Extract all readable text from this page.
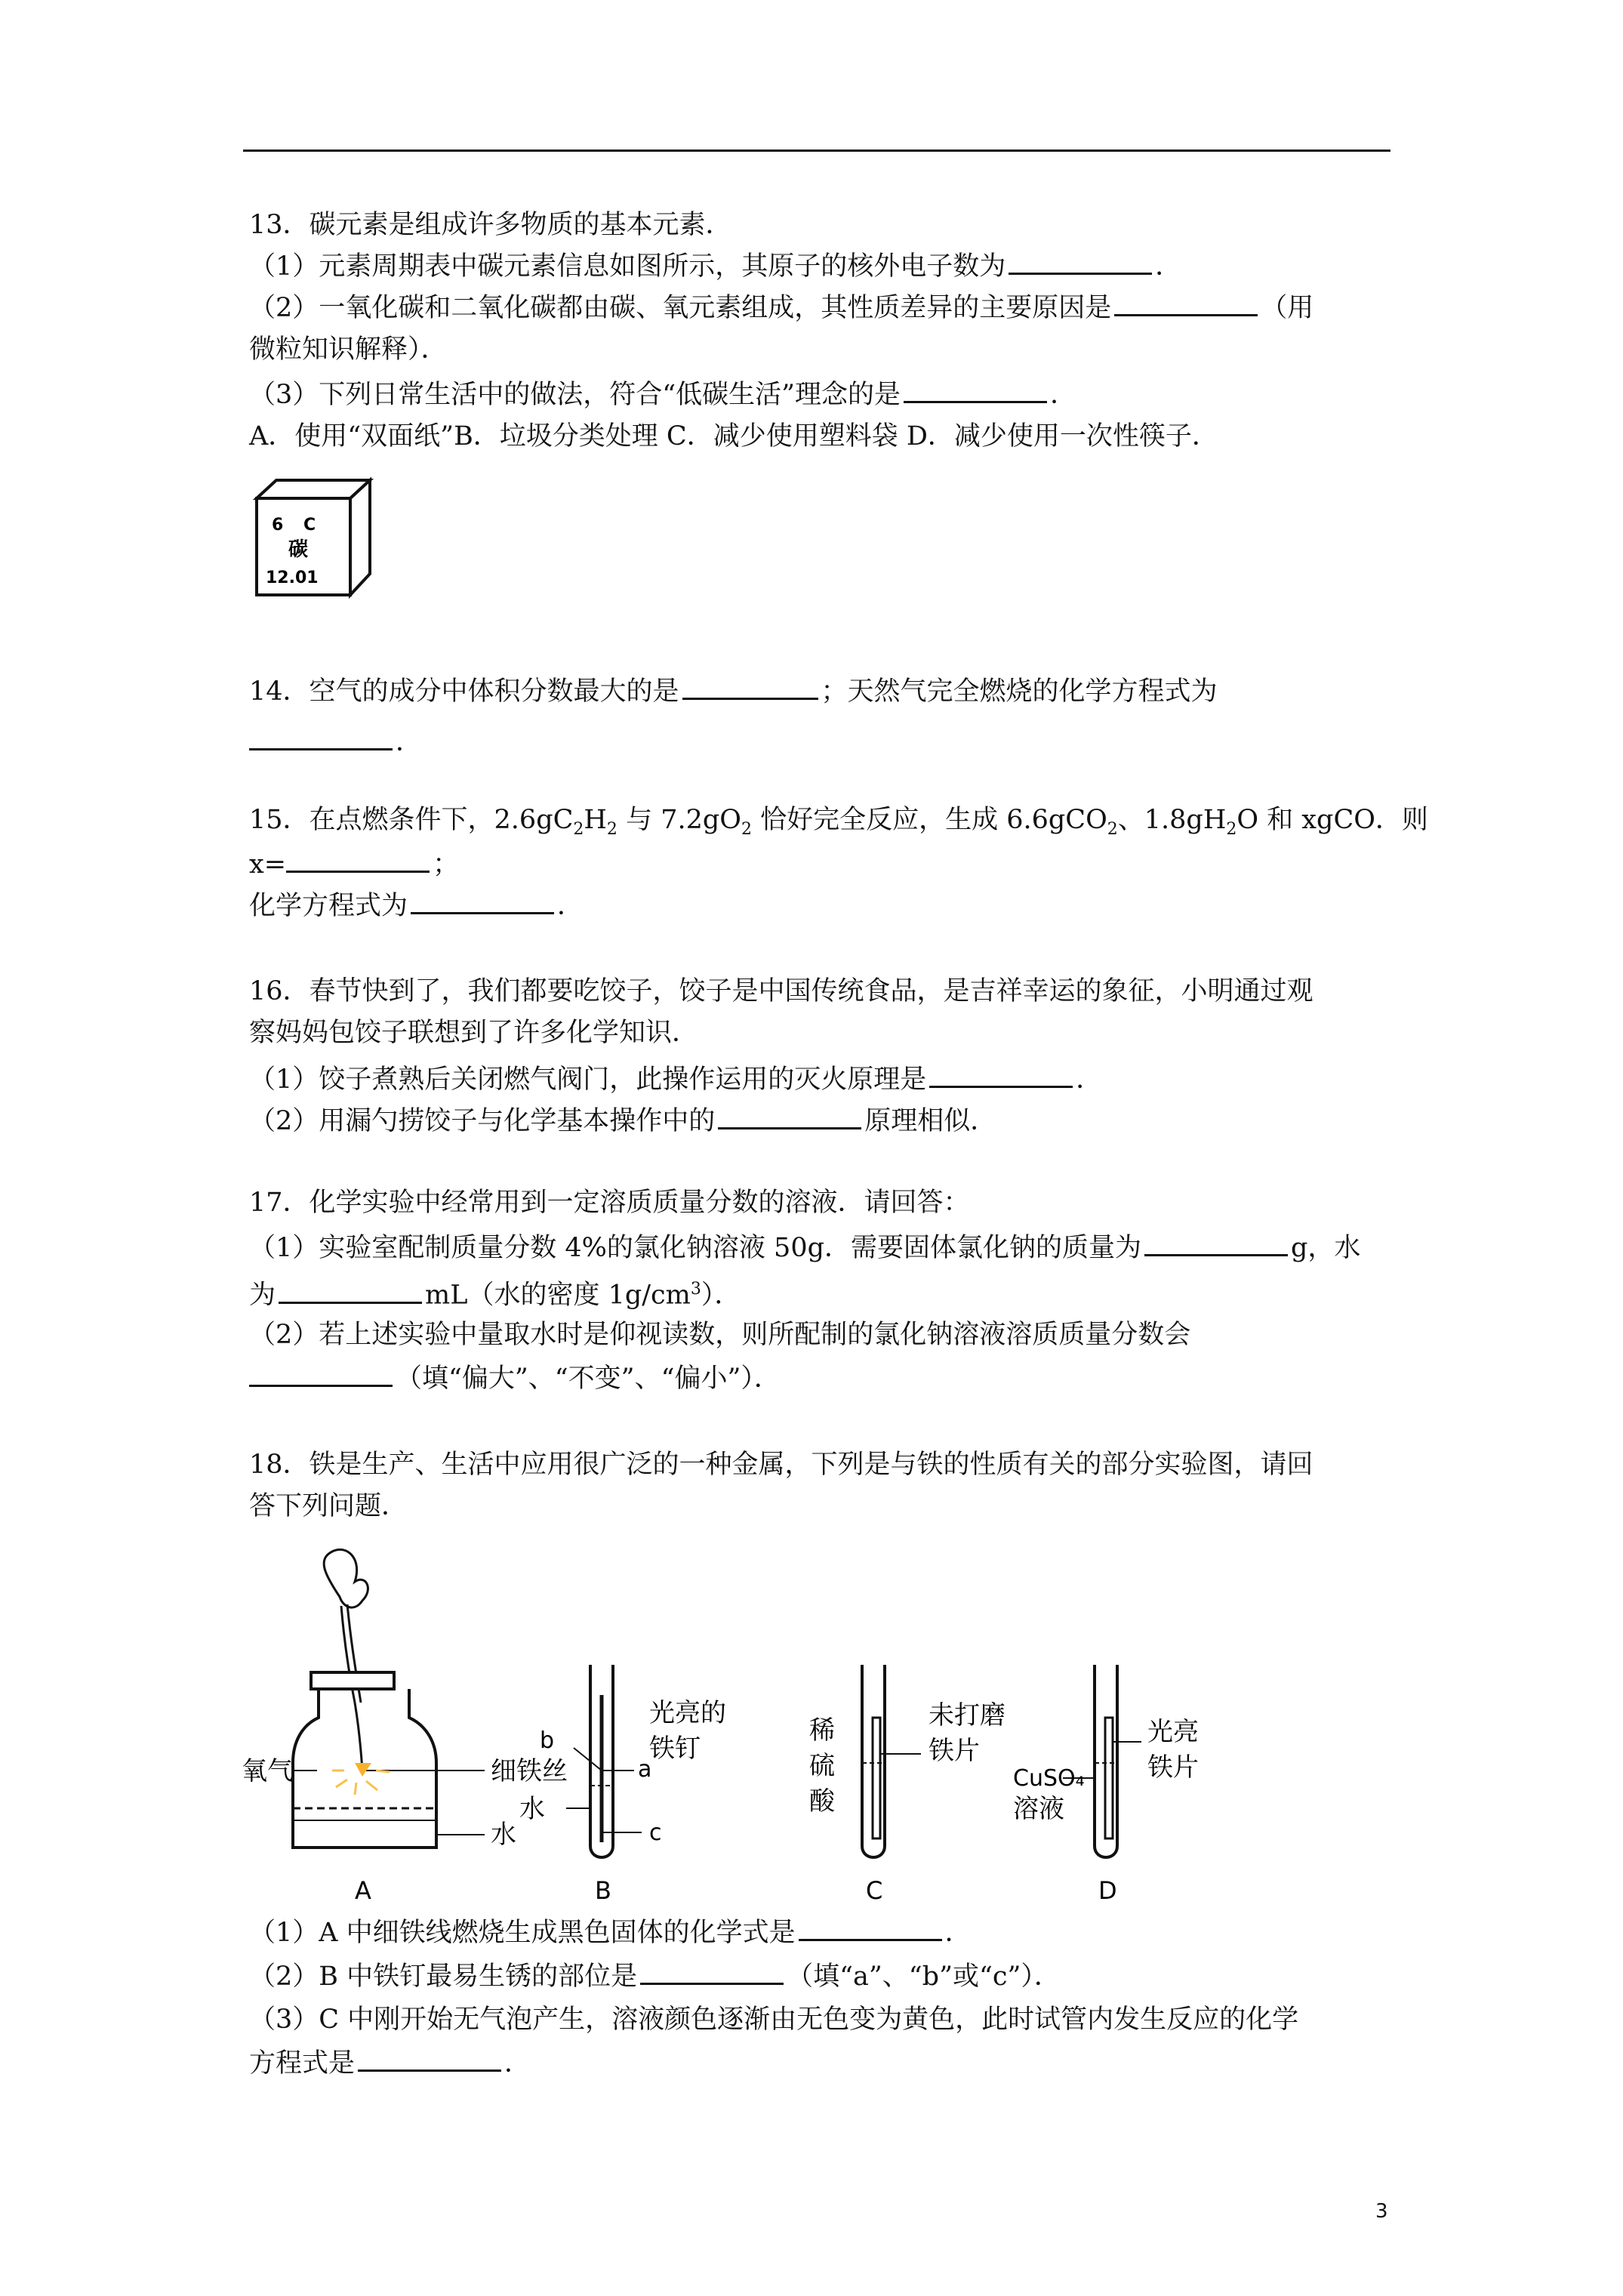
13．碳元素是组成许多物质的基本元素．
（1）元素周期表中碳元素信息如图所示，其原子的核外电子数为	．
（2）一氧化碳和二氧化碳都由碳、氧元素组成，其性质差异的主要原因是	（用
微粒知识解释）．
（3）下列日常生活中的做法，符合“低碳生活”理念的是	．
A．使用“双面纸”B．垃圾分类处理 C．减少使用塑料袋 D．减少使用一次性筷子．
6 C
碳
12.01
14．空气的成分中体积分数最大的是	；天然气完全燃烧的化学方程式为
．
15．在点燃条件下，$2.6gC_2H_2$ 与 $7.2gO_2$ 恰好完全反应，生成 6.6gCO$_2$、$1.8gH_2O$ 和 xgCO．则
x=	；
化学方程式为	．
16．春节快到了，我们都要吃饺子，饺子是中国传统食品，是吉祥幸运的象征，小明通过观
察妈妈包饺子联想到了许多化学知识．
（1）饺子煮熟后关闭燃气阀门，此操作运用的灭火原理是	．
（2）用漏勺捞饺子与化学基本操作中的	原理相似．
17．化学实验中经常用到一定溶质质量分数的溶液．请回答：
（1）实验室配制质量分数 4%的氯化钠溶液 50g．需要固体氯化钠的质量为	g，水
为	mL（水的密度 $1g/cm^3$）．
（2）若上述实验中量取水时是仰视读数，则所配制的氯化钠溶液溶质质量分数会
（填“偏大”、“不变”、“偏小”）．
18．铁是生产、生活中应用很广泛的一种金属，下列是与铁的性质有关的部分实验图，请回
答下列问题．
氧气	细铁丝
水
A
光亮的
铁钉
a
b
c
水
B
稀
硫
酸
未打磨
铁片
C
光亮
铁片
CuSO₄
溶液
D
（1）A 中细铁线燃烧生成黑色固体的化学式是	．
（2）B 中铁钉最易生锈的部位是	（填“a”、“b”或“c”）．
（3）C 中刚开始无气泡产生，溶液颜色逐渐由无色变为黄色，此时试管内发生反应的化学
方程式是	．
3
